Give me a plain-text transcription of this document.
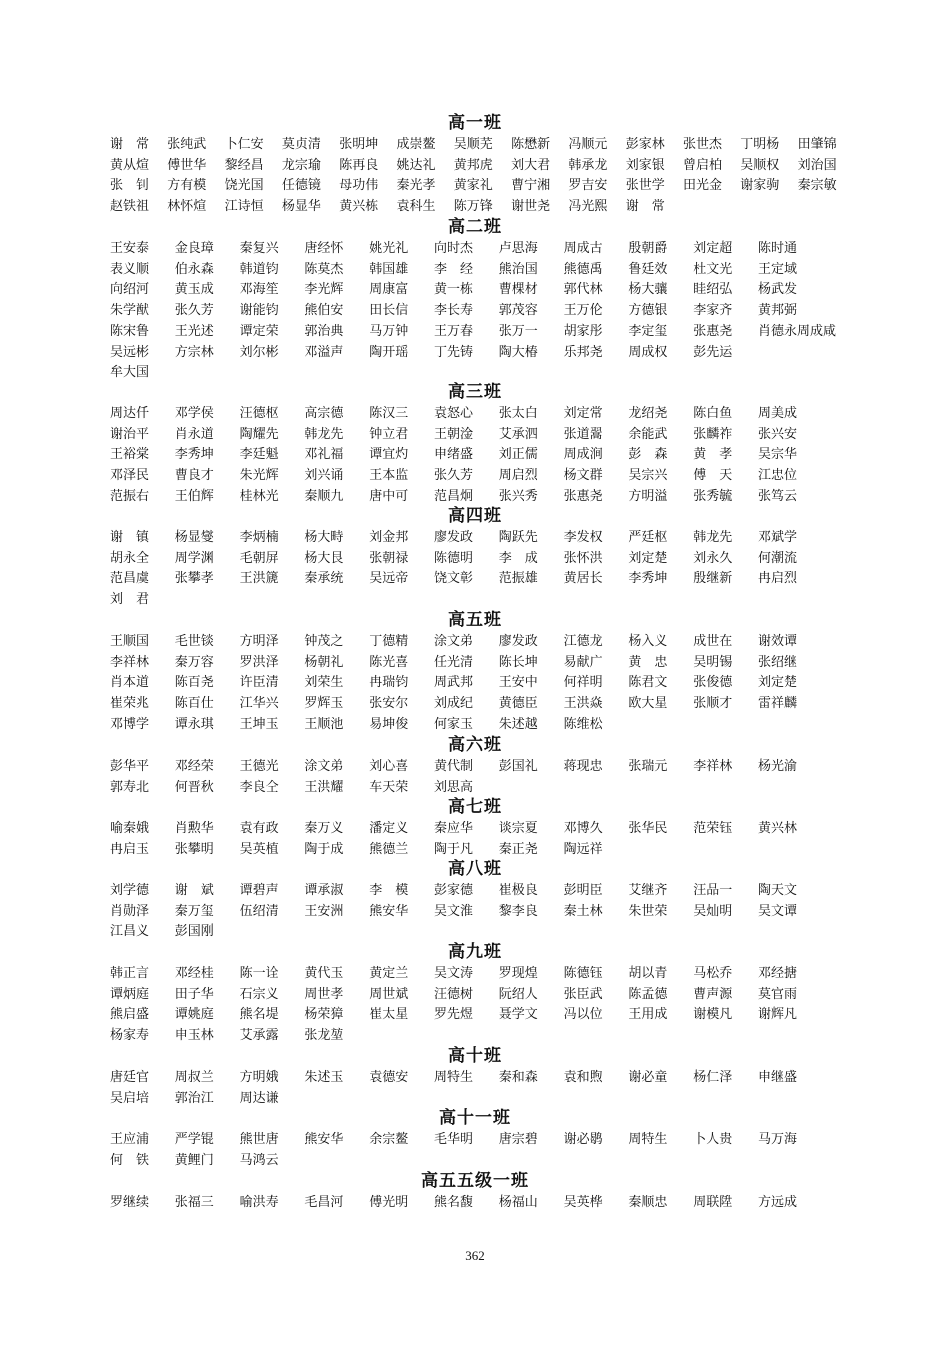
高一班
谢　常 张纯武 卜仁安 莫贞清 张明坤 成崇鳌 吴顺芜 陈懋新 冯顺元 彭家林 张世杰 丁明杨 田肇锦
黄从煊 傅世华 黎经昌 龙宗瑜 陈再良 姚达礼 黄邦虎 刘大君 韩承龙 刘家银 曾启柏 吴顺权 刘治国
张　钊 方有模 饶光国 任德镜 母功伟 秦光孝 黄家礼 曹宁湘 罗吉安 张世学 田光金 谢家驹 秦宗敏
赵铁祖 林怀煊 江诗恒 杨显华 黄兴栋 袁科生 陈万锋 谢世尧 冯光熙 谢　常
高二班
王安泰 金良璋 秦复兴 唐经怀 姚光礼 向时杰 卢思海 周成古 殷朝爵 刘定超 陈时通
表义顺 伯永森 韩道钧 陈莫杰 韩国雄 李　经 熊治国 熊德禹 鲁廷效 杜文光 王定域
向绍河 黄玉成 邓海笙 李光辉 周康富 黄一栋 曹棵材 郭代林 杨大骧 眭绍弘 杨武发
朱学猷 张久芳 谢能钧 熊伯安 田长信 李长寿 郭茂容 王万伦 方德银 李家齐 黄邦弼
陈宋鲁 王光述 谭定荣 郭治典 马万钟 王万春 张万一 胡家彤 李定玺 张惠尧 肖德永周成咸
吴远彬 方宗林 刘尔彬 邓溢声 陶开瑶 丁先铸 陶大椿 乐邦尧 周成权 彭先运
牟大国
高三班
周达仟 邓学侯 汪德枢 高宗德 陈汉三 袁怒心 张太白 刘定常 龙绍尧 陈白鱼 周美成
谢治平 肖永道 陶耀先 韩龙先 钟立君 王朝淦 艾承泗 张道翯 余能武 张麟祚 张兴安
王裕棠 李秀坤 李廷魁 邓礼福 谭宜灼 申绪盛 刘正儒 周成涧 彭　森 黄　孝 吴宗华
邓泽民 曹良才 朱光辉 刘兴诵 王本监 张久芳 周启烈 杨文群 吴宗兴 傅　天 江忠位
范振右 王伯辉 桂林光 秦顺九 唐中可 范昌炯 张兴秀 张惠尧 方明溢 张秀毓 张笃云
高四班
谢　镇 杨显燮 李炳楠 杨大畤 刘金邦 廖发政 陶跃先 李发权 严廷枢 韩龙先 邓斌学
胡永全 周学渊 毛朝屏 杨大艮 张朝禄 陈德明 李　成 张怀洪 刘定楚 刘永久 何潮流
范昌虞 张攀孝 王洪篪 秦承统 吴远帝 饶文彰 范振雄 黄居长 李秀坤 殷继新 冉启烈
刘　君
高五班
王顺国 毛世锬 方明泽 钟茂之 丁德精 涂文弟 廖发政 江德龙 杨入义 成世在 谢效谭
李祥林 秦万容 罗洪泽 杨朝礼 陈光喜 任光清 陈长坤 易献广 黄　忠 吴明锡 张绍继
肖本道 陈百尧 许臣清 刘荣生 冉瑞钧 周武邦 王安中 何祥明 陈君文 张俊德 刘定楚
崔荣兆 陈百仕 江华兴 罗辉玉 张安尔 刘成纪 黄德臣 王洪焱 欧大星 张顺才 雷祥麟
邓博学 谭永琪 王坤玉 王顺池 易坤俊 何家玉 朱述越 陈维松
高六班
彭华平 邓经荣 王德光 涂文弟 刘心喜 黄代制 彭国礼 蒋现忠 张瑞元 李祥林 杨光渝
郭寿北 何晋秋 李良仝 王洪耀 车天荣 刘思高
高七班
喻秦娥 肖勲华 袁有政 秦万义 潘定义 秦应华 谈宗夏 邓博久 张华民 范荣钰 黄兴林
冉启玉 张攀明 吴英植 陶于成 熊德兰 陶于凡 秦正尧 陶远祥
高八班
刘学德 谢　斌 谭碧声 谭承淑 李　模 彭家德 崔极良 彭明臣 艾继齐 汪品一 陶天文
肖勋泽 秦万玺 伍绍清 王安洲 熊安华 吴文淮 黎李良 秦土林 朱世荣 吴灿明 吴文谭
江昌义 彭国刚
高九班
韩正言 邓经桂 陈一诠 黄代玉 黄定兰 吴文涛 罗现煌 陈德钰 胡以青 马松乔 邓经搪
谭炳庭 田子华 石宗义 周世孝 周世斌 汪德树 阮绍人 张臣武 陈孟德 曹声源 莫官雨
熊启盛 谭姚庭 熊名堤 杨荣獐 崔太星 罗先煜 聂学文 冯以位 王用成 谢模凡 谢辉凡
杨家寿 申玉林 艾承露 张龙堃
高十班
唐廷官 周叔兰 方明娥 朱述玉 袁德安 周特生 秦和森 袁和煦 谢必童 杨仁泽 申继盛
吴启培 郭治江 周达谦
高十一班
王应浦 严学锟 熊世唐 熊安华 余宗鳌 毛华明 唐宗碧 谢必鹖 周特生 卜人贵 马万海
何　铁 黄鲤门 马鸿云
高五五级一班
罗继续 张福三 喻洪寿 毛昌河 傅光明 熊名馥 杨福山 吴英桦 秦顺忠 周联陞 方远成
362
